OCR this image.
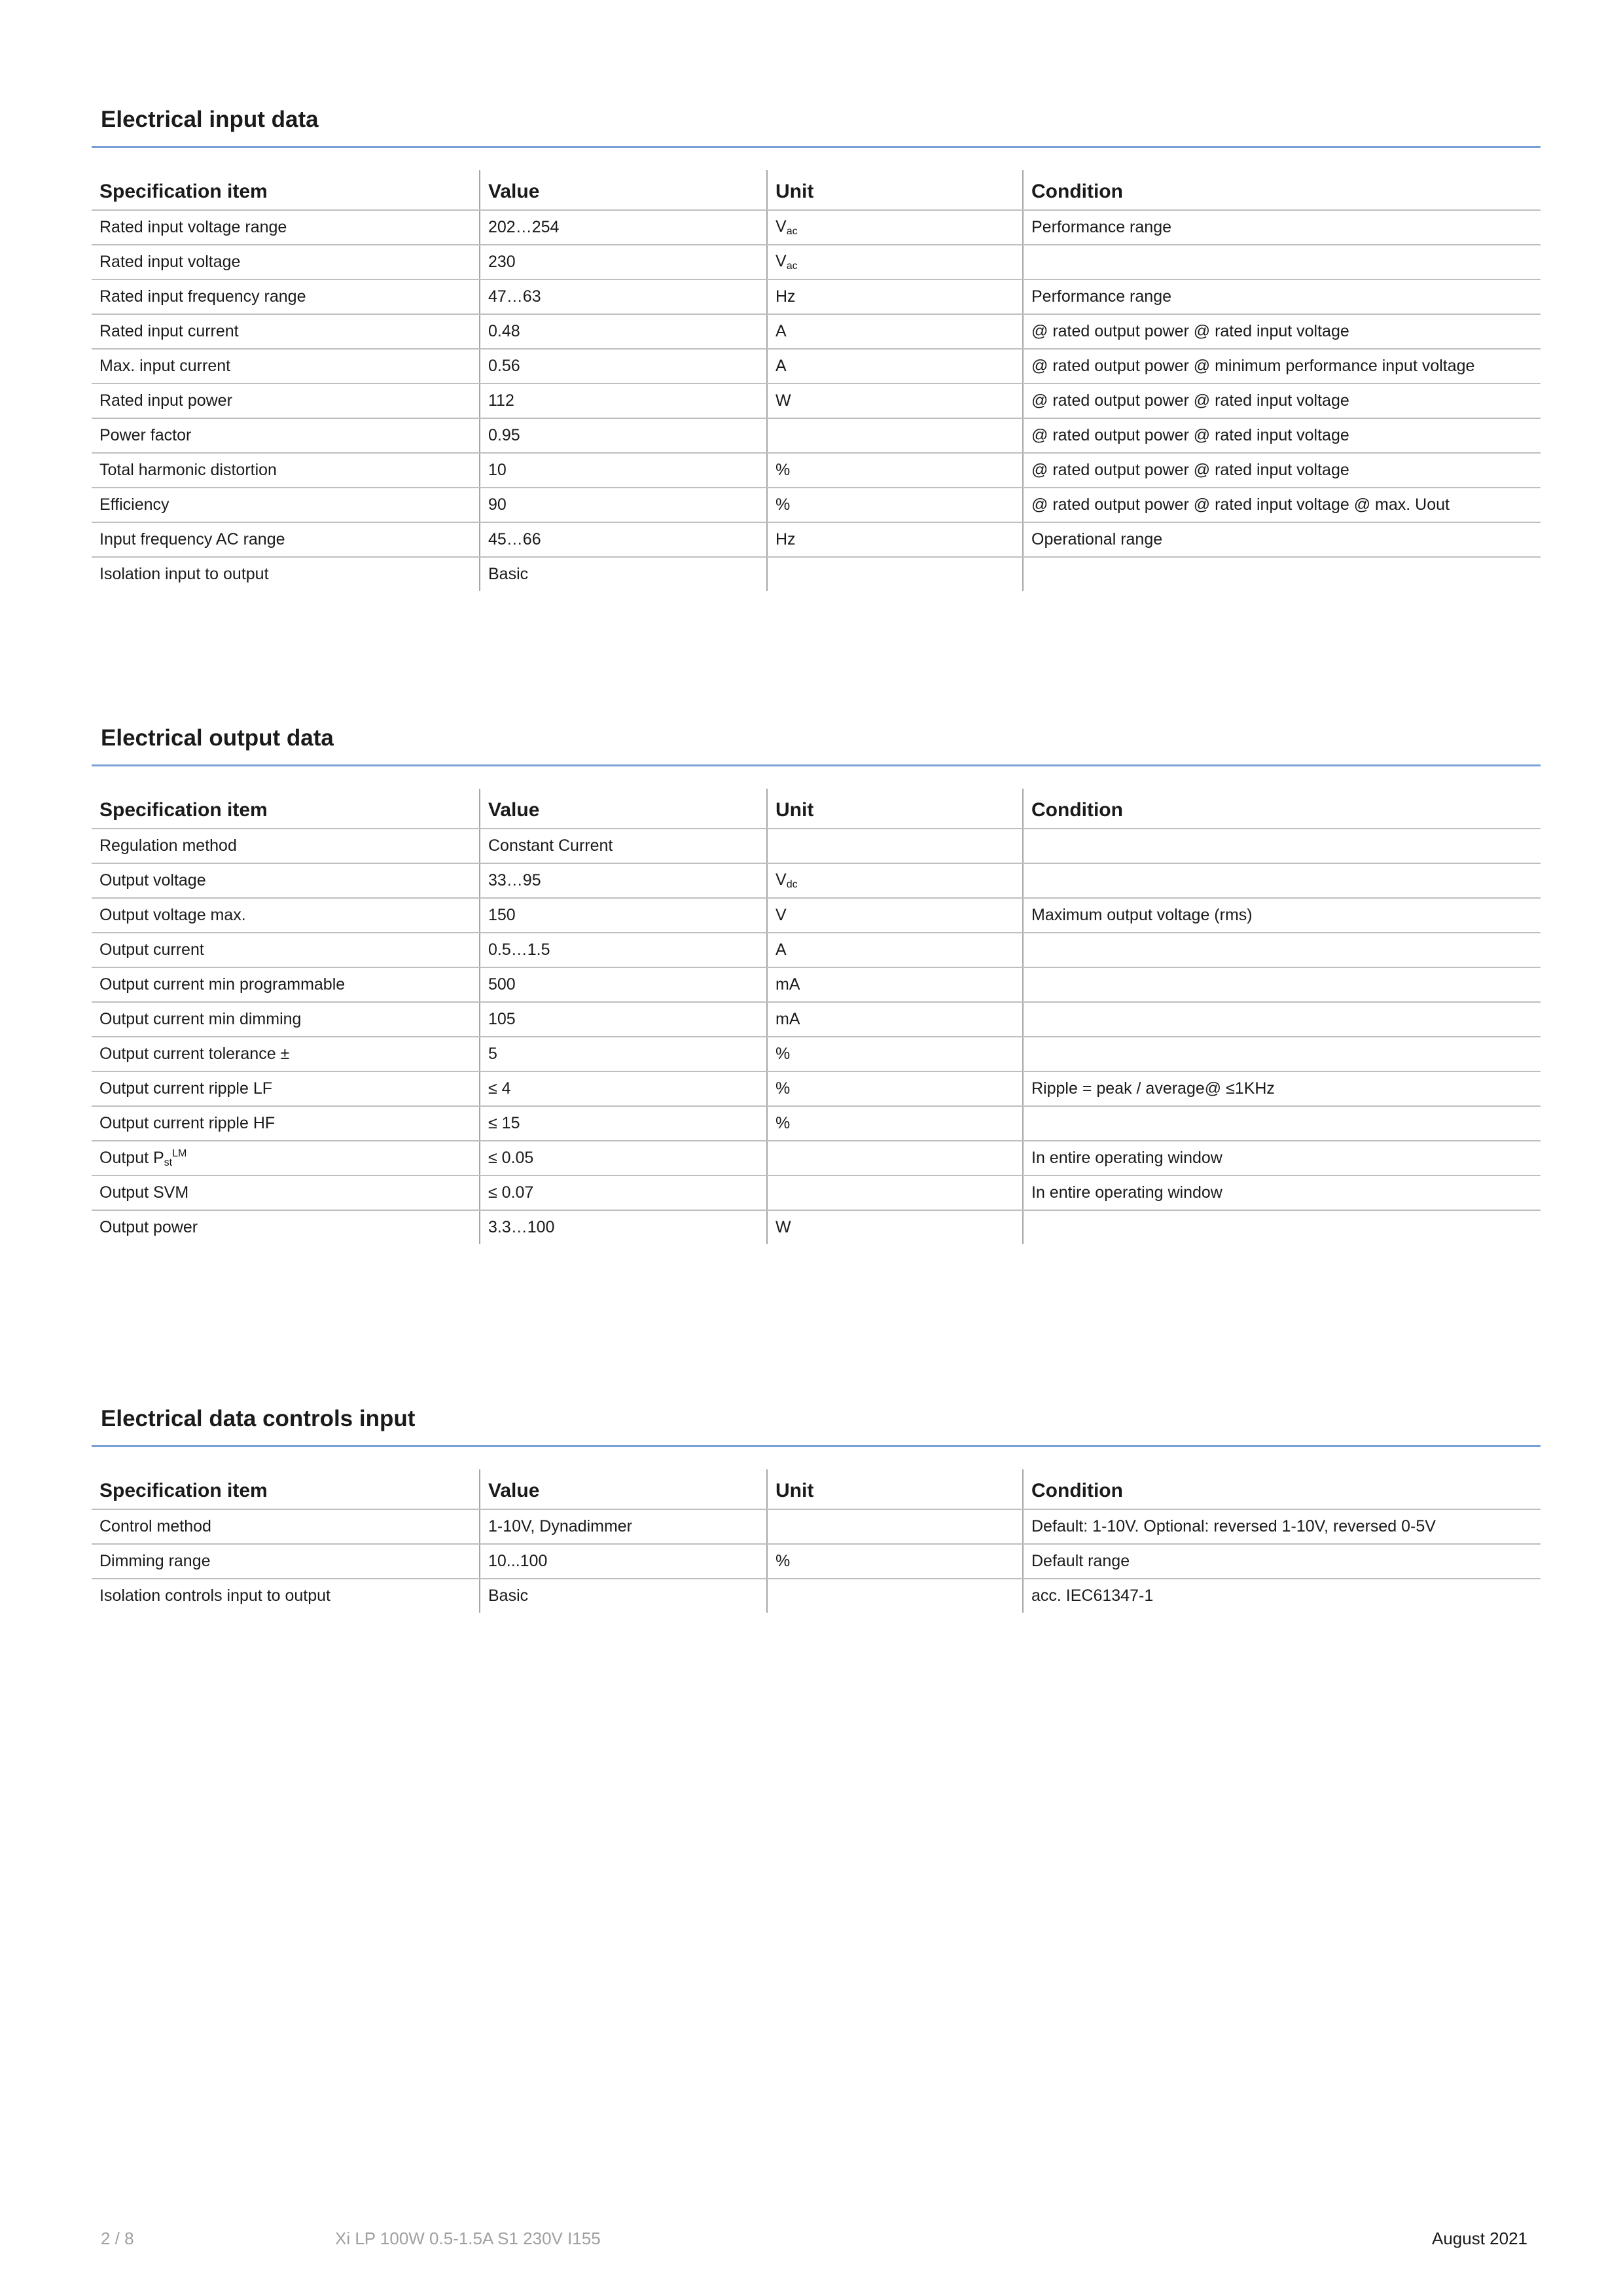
Electrical input data
Specification item	Value	Unit	Condition
Rated input voltage range	202…254	$V_{ac}$	Performance range
Rated input voltage	230	$V_{ac}$	
Rated input frequency range	47…63	Hz	Performance range
Rated input current	0.48	A	@ rated output power @ rated input voltage
Max. input current	0.56	A	@ rated output power @ minimum performance input voltage
Rated input power	112	W	@ rated output power @ rated input voltage
Power factor	0.95		@ rated output power @ rated input voltage
Total harmonic distortion	10	%	@ rated output power @ rated input voltage
Efficiency	90	%	@ rated output power @ rated input voltage @ max. Uout
Input frequency AC range	45…66	Hz	Operational range
Isolation input to output	Basic		
Electrical output data
Specification item	Value	Unit	Condition
Regulation method	Constant Current		
Output voltage	33…95	$V_{dc}$	
Output voltage max.	150	V	Maximum output voltage (rms)
Output current	0.5…1.5	A	
Output current min programmable	500	mA	
Output current min dimming	105	mA	
Output current tolerance ±	5	%	
Output current ripple LF	≤ 4	%	Ripple = peak / average@ ≤1KHz
Output current ripple HF	≤ 15	%	
Output $P_{st}^{LM}$	≤ 0.05		In entire operating window
Output SVM	≤ 0.07		In entire operating window
Output power	3.3…100	W	
Electrical data controls input
Specification item	Value	Unit	Condition
Control method	1-10V, Dynadimmer		Default: 1-10V. Optional: reversed 1-10V, reversed 0-5V
Dimming range	10...100	%	Default range
Isolation controls input to output	Basic		acc. IEC61347-1
2 / 8	Xi LP 100W 0.5-1.5A S1 230V I155	August 2021
